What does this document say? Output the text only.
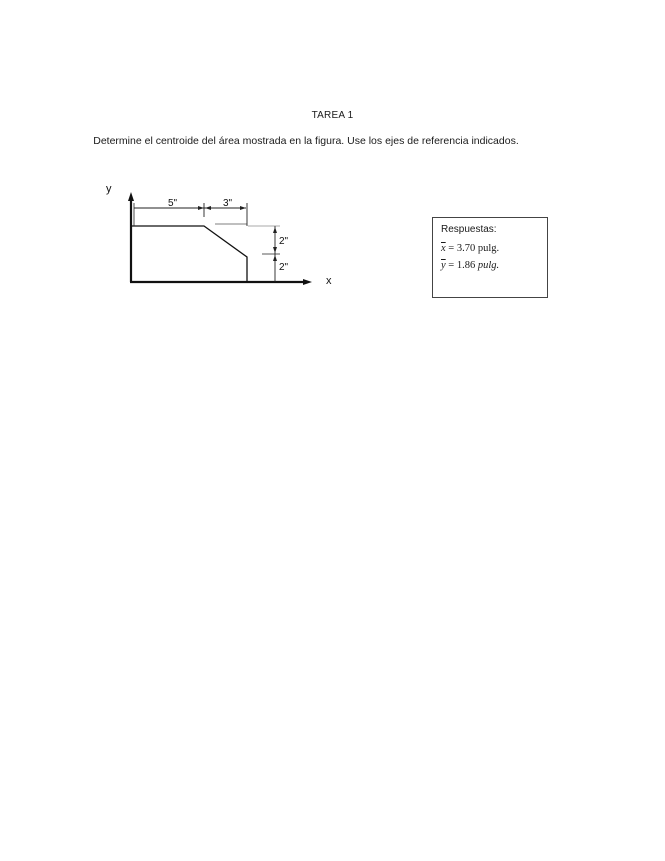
TAREA 1
Determine el centroide del área mostrada en la figura. Use los ejes de referencia indicados.
y
x
5"	3"
2"
2"
Respuestas:
$\overline{x} = 3.70$ pulg.
$\overline{y} = 1.86$ pulg.
